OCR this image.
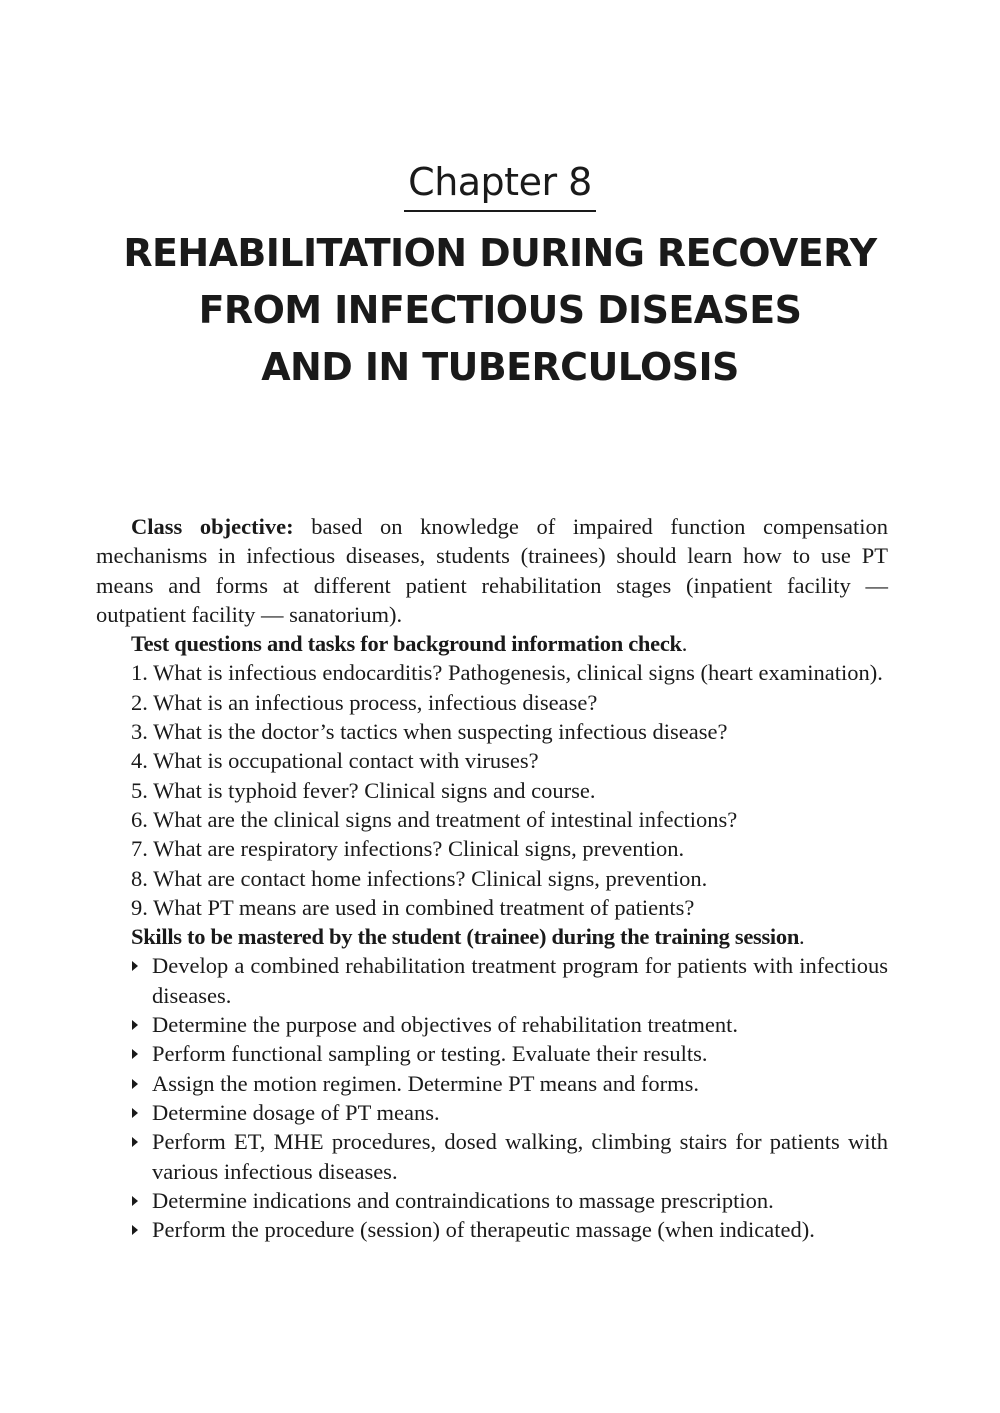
Chapter 8
REHABILITATION DURING RECOVERY
FROM INFECTIOUS DISEASES
AND IN TUBERCULOSIS

Class objective: based on knowledge of impaired function compensation mechanisms in infectious diseases, students (trainees) should learn how to use PT means and forms at different patient rehabilitation stages (inpatient facility — outpatient facility — sanatorium).

Test questions and tasks for background information check.

1. What is infectious endocarditis? Pathogenesis, clinical signs (heart examination).
2. What is an infectious process, infectious disease?
3. What is the doctor’s tactics when suspecting infectious disease?
4. What is occupational contact with viruses?
5. What is typhoid fever? Clinical signs and course.
6. What are the clinical signs and treatment of intestinal infections?
7. What are respiratory infections? Clinical signs, prevention.
8. What are contact home infections? Clinical signs, prevention.
9. What PT means are used in combined treatment of patients?

Skills to be mastered by the student (trainee) during the training session.

Develop a combined rehabilitation treatment program for patients with infectious diseases.
Determine the purpose and objectives of rehabilitation treatment.
Perform functional sampling or testing. Evaluate their results.
Assign the motion regimen. Determine PT means and forms.
Determine dosage of PT means.
Perform ET, MHE procedures, dosed walking, climbing stairs for patients with various infectious diseases.
Determine indications and contraindications to massage prescription.
Perform the procedure (session) of therapeutic massage (when indicated).
